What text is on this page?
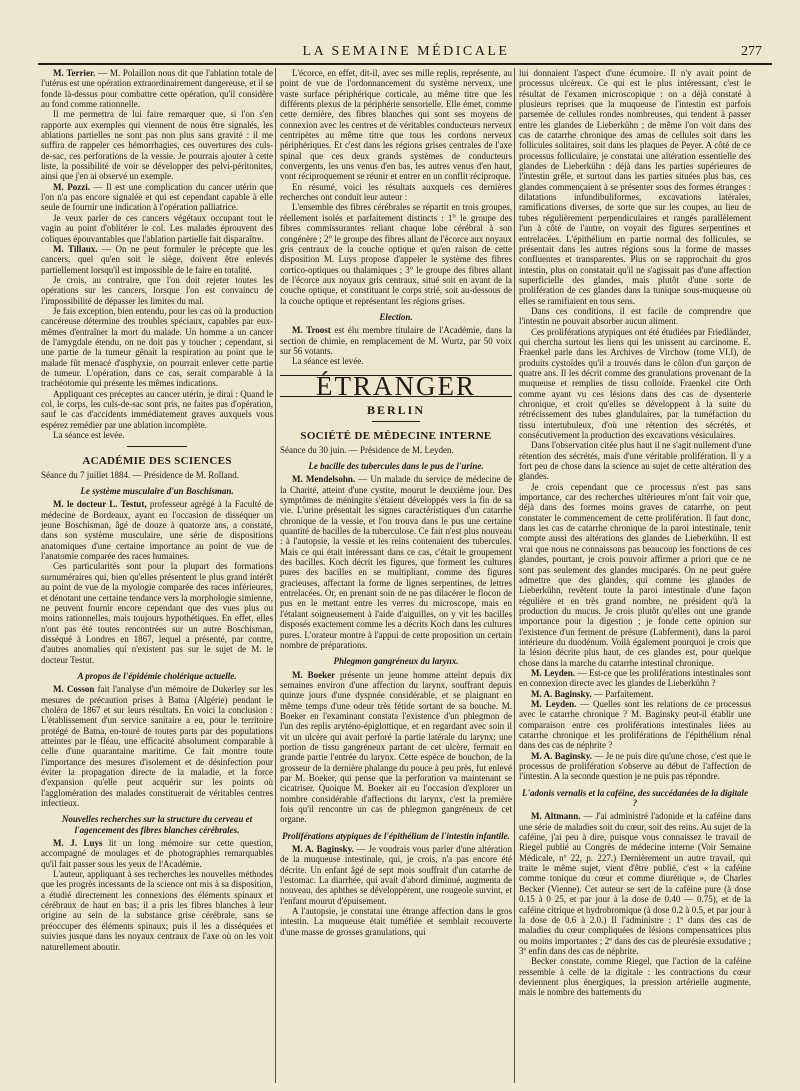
LA SEMAINE MÉDICALE	277

M. Terrier. — M. Polaillon nous dit que l'ablation totale de l'utérus est une opération extraordinairement dangereuse, et il se fonde là-dessus pour combattre cette opération, qu'il considère au fond comme rationnelle.

Il me permettra de lui faire remarquer que, si l'on s'en rapporte aux exemples qui viennent de nous être signalés, les ablations partielles ne sont pas non plus sans gravité : il me suffira de rappeler ces hémorrhagies, ces ouvertures des culs-de-sac, ces perforations de la vessie. Je pourrais ajouter à cette liste, la possibilité de voir se développer des pelvi-péritonites, ainsi que j'en ai observé un exemple.

M. Pozzi. — Il est une complication du cancer utérin que l'on n'a pas encore signalée et qui est cependant capable à elle seule de fournir une indication à l'opération palliatrice.

Je veux parler de ces cancers végétaux occupant tout le vagin au point d'oblitérer le col. Les malades éprouvent des coliques épouvantables que l'ablation partielle fait disparaître.

M. Tillaux. — On ne peut formuler le précepte que les cancers, quel qu'en soit le siège, doivent être enlevés partiellement lorsqu'il est impossible de le faire en totalité.

Je crois, au contraire, que l'on doit rejeter toutes les opérations sur les cancers, lorsque l'on est convaincu de l'impossibilité de dépasser les limites du mal.

Je fais exception, bien entendu, pour les cas où la production cancéreuse détermine des troubles spéciaux, capables par eux-mêmes d'entraîner la mort du malade. Un homme a un cancer de l'amygdale étendu, on ne doit pas y toucher ; cependant, si une partie de la tumeur gênait la respiration au point que le malade fût menacé d'asphyxie, on pourrait enlever cette partie de tumeur. L'opération, dans ce cas, serait comparable à la trachéotomie qui présente les mêmes indications.

Appliquant ces préceptes au cancer utérin, je dirai : Quand le col, le corps, les culs-de-sac sont pris, ne faites pas d'opération, sauf le cas d'accidents immédiatement graves auxquels vous espérez remédier par une ablation incomplète.

La séance est levée.

ACADÉMIE DES SCIENCES

Séance du 7 juillet 1884. — Présidence de M. Rolland.

Le système musculaire d'un Boschisman.

M. le docteur L. Testut, professeur agrégé à la Faculté de médecine de Bordeaux, ayant eu l'occasion de disséquer un jeune Boschisman, âgé de douze à quatorze ans, a constaté, dans son système musculaire, une série de dispositions anatomiques d'une certaine importance au point de vue de l'anatomie comparée des races humaines.

Ces particularités sont pour la plupart des formations surnuméraires qui, bien qu'elles présentent le plus grand intérêt au point de vue de la myologie comparée des races inférieures, et dénotant une certaine tendance vers la morphologie simienne, ne peuvent fournir encore cependant que des vues plus ou moins rationnelles, mais toujours hypothétiques. En effet, elles n'ont pas été toutes rencontrées sur un autre Boschisman, disséqué à Londres en 1867, lequel a présenté, par contre, d'autres anomalies qui n'existent pas sur le sujet de M. le docteur Testut.

A propos de l'épidémie cholérique actuelle.

M. Cosson fait l'analyse d'un mémoire de Dukerley sur les mesures de précaution prises à Batna (Algérie) pendant le choléra de 1867 et sur leurs résultats. En voici la conclusion : L'établissement d'un service sanitaire a eu, pour le territoire protégé de Batna, en-touré de toutes parts par des populations atteintes par le fléau, une efficacité absolument comparable à celle d'une quarantaine maritime. Ce fait montre toute l'importance des mesures d'isolement et de désinfection pour éviter la propagation directe de la maladie, et la force d'expansion qu'elle peut acquérir sur les points où l'agglomération des malades constituerait de véritables centres infectieux.

Nouvelles recherches sur la structure du cerveau et l'agencement des fibres blanches cérébrales.

M. J. Luys lit un long mémoire sur cette question, accompagné de moulages et de photographies remarquables qu'il fait passer sous les yeux de l'Académie.

L'auteur, appliquant à ses recherches les nouvelles méthodes que les progrès incessants de la science ont mis à sa disposition, a étudié directement les connexions des éléments spinaux et cérébraux de haut en bas; il a pris les fibres blanches à leur origine au sein de la substance grise cérébrale, sans se préoccuper des éléments spinaux; puis il les a disséquées et suivies jusque dans les noyaux centraux de l'axe où on les voit naturellement aboutir.

L'écorce, en effet, dit-il, avec ses mille replis, représente, au point de vue de l'ordonnancement du système nerveux, une vaste surface périphérique corticale, au même titre que les différents plexus de la périphérie sensorielle. Elle émet, comme cette dernière, des fibres blanches qui sont ses moyens de connexion avec les centres et de véritables conducteurs nerveux centripètes au même titre que tous les cordons nerveux périphériques. Et c'est dans les régions grises centrales de l'axe spinal que ces deux grands systèmes de conducteurs convergents, les uns venus d'en bas, les autres venus d'en haut, vont réciproquement se réunir et entrer en un conflit réciproque.

En résumé, voici les résultats auxquels ces dernières recherches ont conduit leur auteur :

L'ensemble des fibres cérébrales se répartit en trois groupes, réellement isolés et parfaitement distincts : 1° le groupe des fibres commissurantes reliant chaque lobe cérébral à son congénère ; 2° le groupe des fibres allant de l'écorce aux noyaux gris centraux de la couche optique et qu'en raison de cette disposition M. Luys propose d'appeler le système des fibres cortico-optiques ou thalamiques ; 3° le groupe des fibres allant de l'écorce aux noyaux gris centraux, situé soit en avant de la couche optique, et constituant le corps strié, soit au-dessous de la couche optique et représentant les régions grises.

Election.

M. Troost est élu membre titulaire de l'Académie, dans la section de chimie, en remplacement de M. Wurtz, par 50 voix sur 56 votants.

La séance est levée.

ÉTRANGER

BERLIN

SOCIÉTÉ DE MÉDECINE INTERNE

Séance du 30 juin. — Présidence de M. Leyden.

Le bacille des tubercules dans le pus de l'urine.

M. Mendelsohn. — Un malade du service de médecine de la Charité, atteint d'une cystite, mourut le deuxième jour. Des symptômes de méningite s'étaient développés vers la fin de sa vie. L'urine présentait les signes caractéristiques d'un catarrhe chronique de la vessie, et l'on trouva dans le pus une certaine quantité de bacilles de la tuberculose. Ce fait n'est plus nouveau : à l'autopsie, la vessie et les reins contenaient des tubercules. Mais ce qui était intéressant dans ce cas, c'était le groupement des bacilles. Koch décrit les figures, que forment les cultures pures des bacilles en se multipliant, comme des figures gracieuses, affectant la forme de lignes serpentines, de lettres entrelacées. Or, en prenant soin de ne pas dilacérer le flocon de pus en le mettant entre les verres du microscope, mais en l'étalant soigneusement à l'aide d'aiguilles, on y vit les bacilles disposés exactement comme les a décrits Koch dans les cultures pures. L'orateur montre à l'appui de cette proposition un certain nombre de préparations.

Phlegmon gangréneux du larynx.

M. Boeker présente un jeune homme atteint depuis dix semaines environ d'une affection du larynx, souffrant depuis quinze jours d'une dyspnée considérable, et se plaignant en même temps d'une odeur très fétide sortant de sa bouche. M. Boeker en l'examinant constata l'existence d'un phlegmon de l'un des replis aryténo-épiglottique, et en regardant avec soin il vit un ulcère qui avait perforé la partie latérale du larynx; une portion de tissu gangréneux partant de cet ulcère, fermait en grande partie l'entrée du larynx. Cette espèce de bouchon, de la grosseur de la dernière phalange du pouce à peu près, fut enlevé par M. Boeker, qui pense que la perforation va maintenant se cicatriser. Quoique M. Boeker ait eu l'occasion d'explorer un nombre considérable d'affections du larynx, c'est la première fois qu'il rencontre un cas de phlegmon gangréneux de cet organe.

Proliférations atypiques de l'épithélium de l'intestin infantile.

M. A. Baginsky. — Je voudrais vous parler d'une altération de la muqueuse intestinale, qui, je crois, n'a pas encore été décrite. Un enfant âgé de sept mois souffrait d'un catarrhe de l'estomac. La diarrhée, qui avait d'abord diminué, augmenta de nouveau, des aphthes se développèrent, une rougeole survint, et l'enfant mourut d'épuisement.

A l'autopsie, je constatai une étrange affection dans le gros intestin. La muqueuse était tuméfiée et semblait recouverte d'une masse de grosses granulations, qui

lui donnaient l'aspect d'une écumoire. Il n'y avait point de processus ulcéreux. Ce qui est le plus intéressant, c'est le résultat de l'examen microscopique : on a déjà constaté à plusieurs reprises que la muqueuse de l'intestin est parfois parsemée de cellules rondes nombreuses, qui tendent à passer entre les glandes de Lieberkühn ; de même l'on voit dans des cas de catarrhe chronique des amas de cellules soit dans les follicules solitaires, soit dans les plaques de Peyer. A côté de ce processus folliculaire, je constatai une altération essentielle des glandes de Lieberkühn : déjà dans les parties supérieures de l'intestin grêle, et surtout dans les parties situées plus bas, ces glandes commençaient à se présenter sous des formes étranges : dilatations infundibuliformes, excavations latérales, ramifications diverses, de sorte que sur les coupes, au lieu de tubes régulièrement perpendiculaires et rangés parallèlement l'un à côté de l'autre, on voyait des figures serpentines et entrelacées. L'épithélium en partie normal des follicules, se présentait dans les autres régions sous la forme de masses confluentes et transparentes. Plus on se rapprochait du gros intestin, plus on constatait qu'il ne s'agissait pas d'une affection superficielle des glandes, mais plutôt d'une sorte de prolifération de ces glandes dans la tunique sous-muqueuse où elles se ramifiaient en tous sens.

Dans ces conditions, il est facile de comprendre que l'intestin ne pouvait absorber aucun aliment.

Ces proliférations atypiques ont été étudiées par Friedländer, qui chercha surtout les liens qui les unissent au carcinome. E. Fraenkel parle dans les Archives de Virchow (tome VI.I), de produits cystoïdes qu'il a trouvés dans le côlon d'un garçon de quatre ans. Il les décrit comme des granulations provenant de la muqueuse et remplies de tissu colloïde. Fraenkel cite Orth comme ayant vu ces lésions dans des cas de dysenterie chronique, et croit qu'elles se développent à la suite du rétrécissement des tubes glandulaires, par la tuméfaction du tissu intertubuleux, d'où une rétention des sécrétés, et consécutivement la production des excavations vésiculaires.

Dans l'observation citée plus haut il ne s'agit nullement d'une rétention des sécrétés, mais d'une véritable prolifération. Il y a fort peu de chose dans la science au sujet de cette altération des glandes.

Je crois cependant que ce processus n'est pas sans importance, car des recherches ultérieures m'ont fait voir que, déjà dans des formes moins graves de catarrhe, on peut constater le commencement de cette prolifération. Il faut donc, dans les cas de catarrhe chronique de la paroi intestinale, tenir compte aussi des altérations des glandes de Lieberkühn. Il est vrai que nous ne connaissons pas beaucoup les fonctions de ces glandes, pourtant, je crois pouvoir affirmer a priori que ce ne sont pas seulement des glandes muciparés. On ne peut guère admettre que des glandes, qui comme les glandes de Lieberkühn, revêtent toute la paroi intestinale d'une façon régulière et en très grand nombre, ne président qu'à la production du mucus. Je crois plutôt qu'elles ont une grande importance pour la digestion ; je fonde cette opinion sur l'existence d'un ferment de présure (Labferment), dans la paroi intérieure du duodénum. Voilà également pourquoi je crois que la lésion décrite plus haut, de ces glandes est, pour quelque chose dans la marche du catarrhe intestinal chronique.

M. Leyden. — Est-ce que les proliférations intestinales sont en connexion directe avec les glandes de Lieberkühn ?

M. A. Baginsky. — Parfaitement.

M. Leyden. — Quelles sont les relations de ce processus avec le catarrhe chronique ? M. Baginsky peut-il établir une comparaison entre ces proliférations intestinales liées au catarrhe chronique et les proliférations de l'épithélium rénal dans des cas de néphrite ?

M. A. Baginsky. — Je ne puis dire qu'une chose, c'est que le processus de prolifération s'observe au début de l'affection de l'intestin. A la seconde question je ne puis pas répondre.

L'adonis vernalis et la caféine, des succédanées de la digitale ?

M. Altmann. — J'ai administré l'adonide et la caféine dans une série de maladies soit du cœur, soit des reins. Au sujet de la caféine, j'ai peu à dire, puisque vous connaissez le travail de Riegel publié au Congrès de médecine interne (Voir Semaine Médicale, nº 22, p. 227.) Dernièrement un autre travail, qui traite le même sujet, vient d'être publié, c'est « la caféine comme tonique du cœur et comme diurétique », de Charles Becker (Vienne). Cet auteur se sert de la caféine pure (à dose 0.15 à 0 25, et par jour à la dose de 0.40 — 0.75), et de la caféine citrique et hydrobromique (à dose 0.2 à 0.5, et par jour à la dose de 0.6 à 2.0.) Il l'administre : 1º dans des cas de maladies du cœur compliquées de lésions compensatrices plus ou moins importantes ; 2º dans des cas de pleurésie exsudative ; 3º enfin dans des cas de néphrite.

Becker constate, comme Riegel, que l'action de la caféine ressemble à celle de la digitale : les contractions du cœur deviennent plus énergiques, la pression artérielle augmente, mais le nombre des battements du
